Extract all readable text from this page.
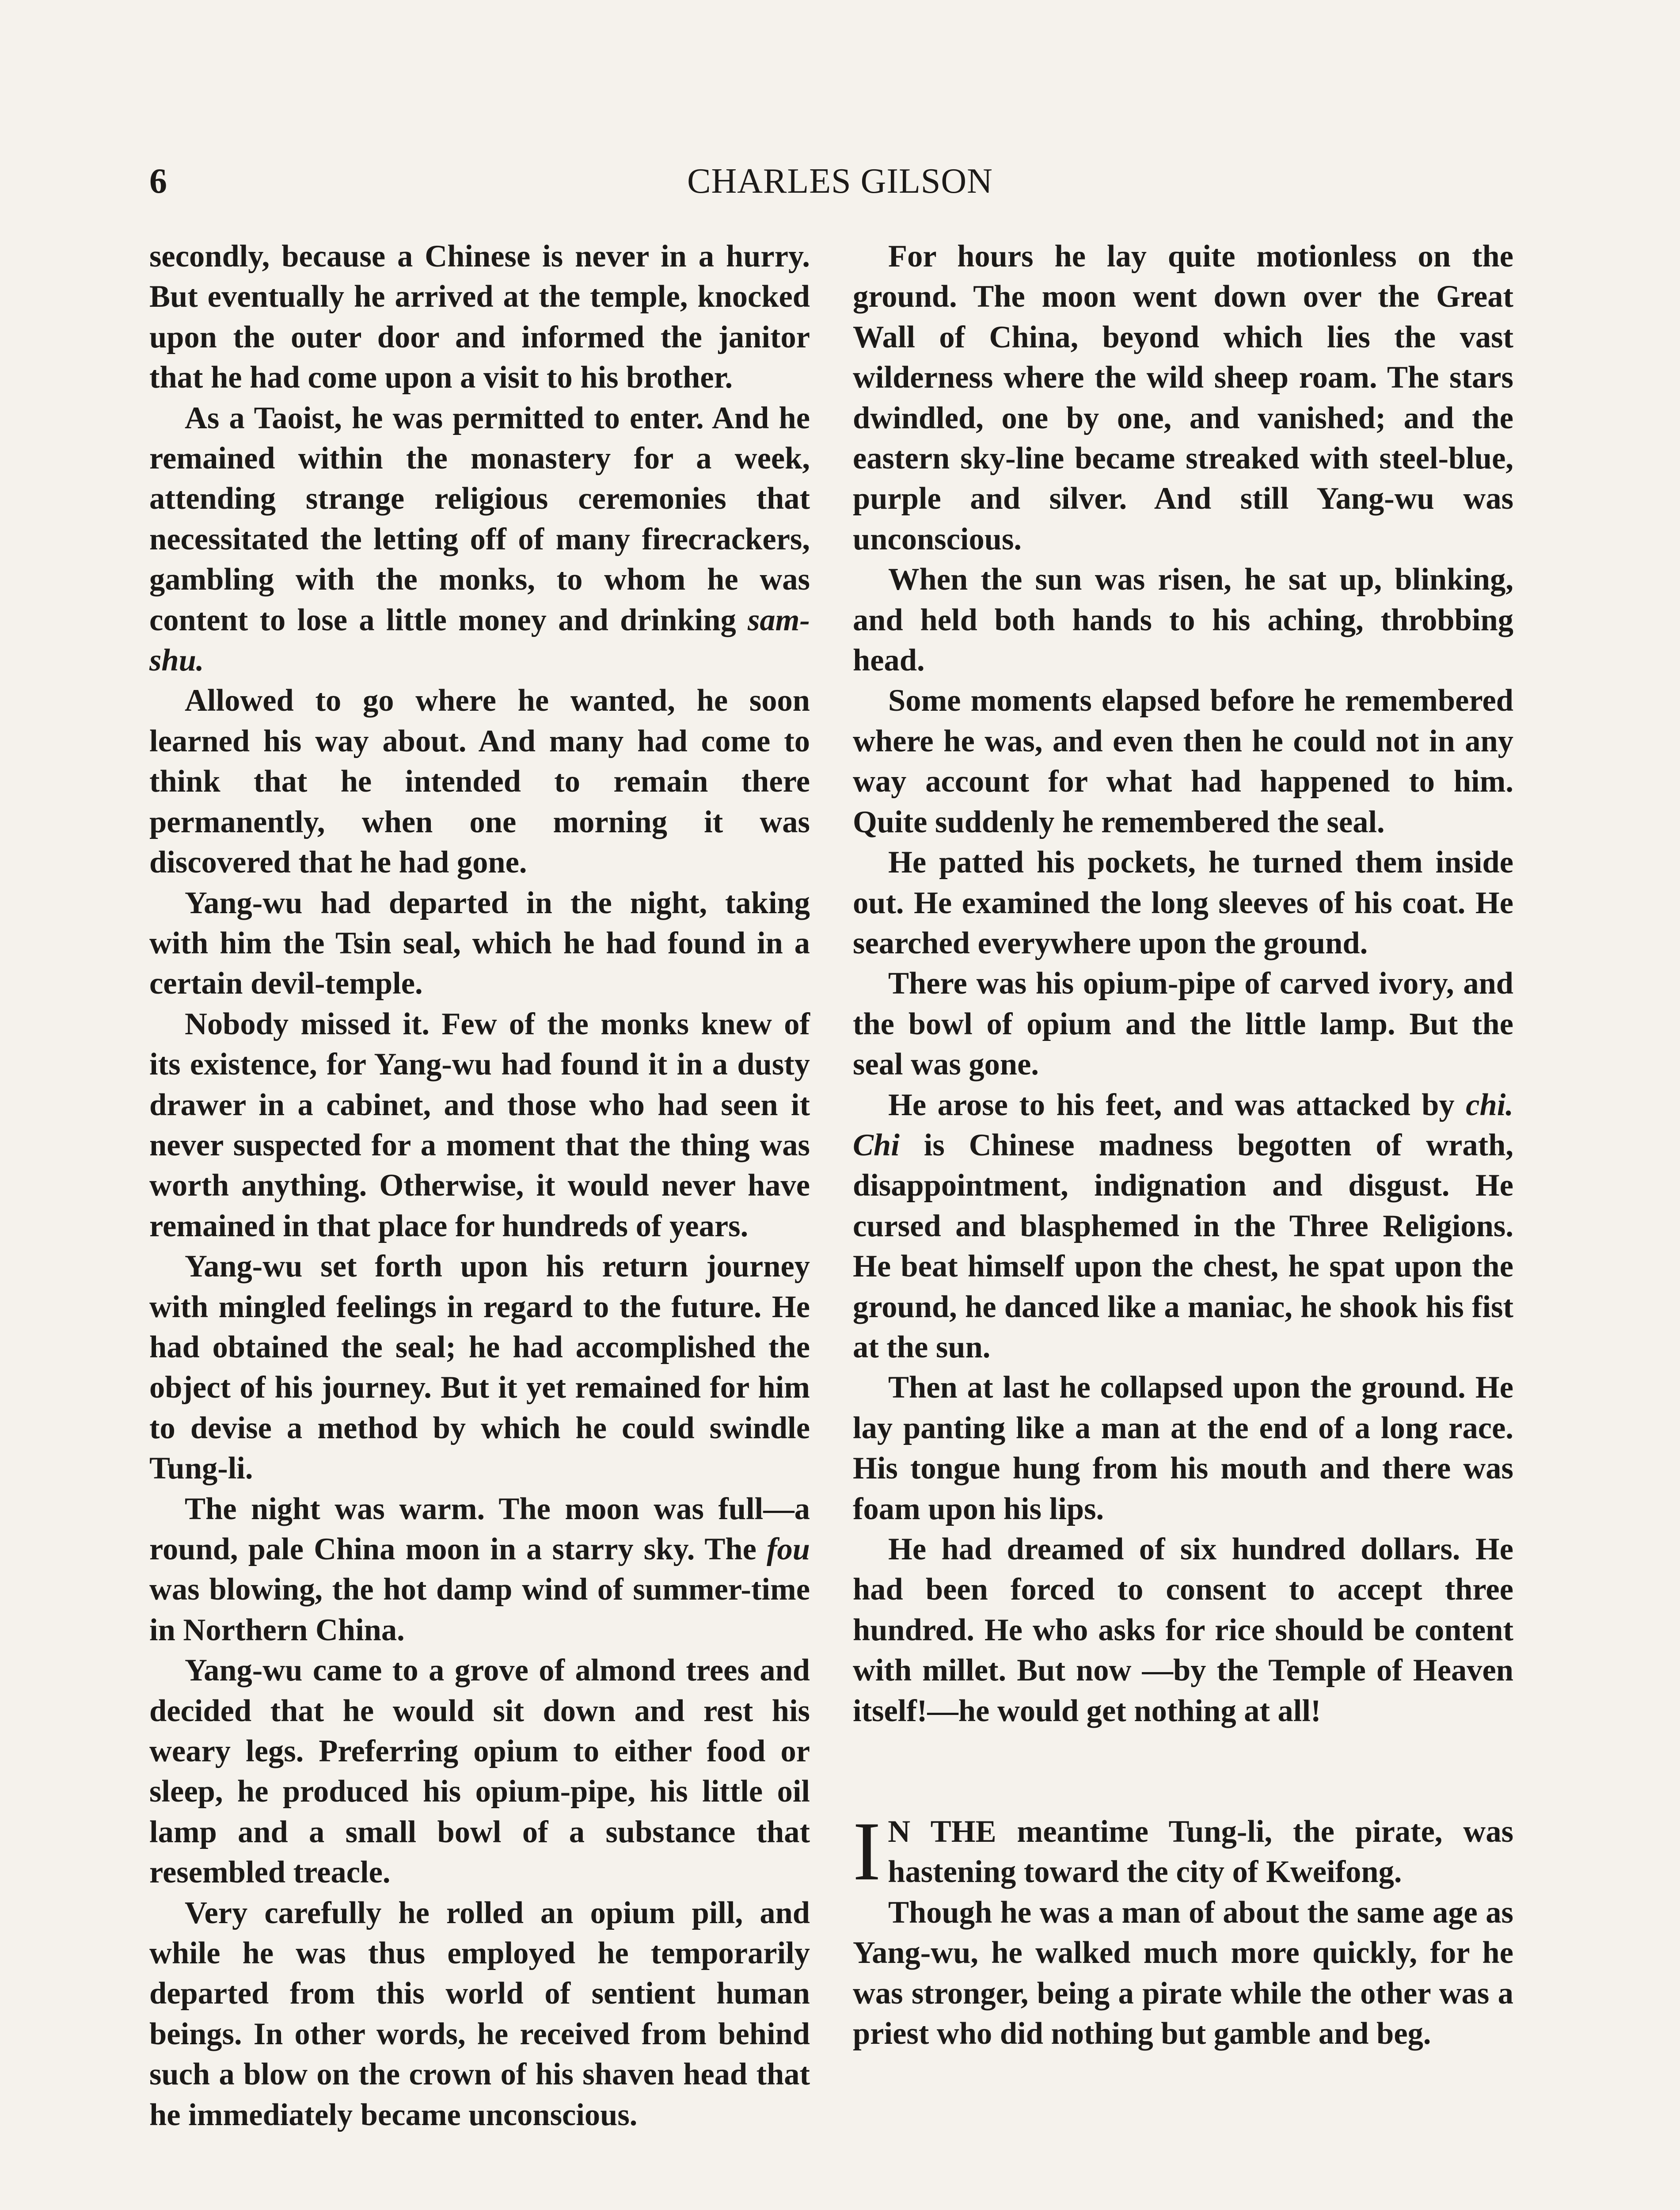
6	CHARLES GILSON

secondly, because a Chinese is never in a hurry. But eventually he arrived at the temple, knocked upon the outer door and informed the janitor that he had come upon a visit to his brother.

As a Taoist, he was permitted to enter. And he remained within the monastery for a week, attending strange religious ceremonies that necessitated the letting off of many firecrackers, gambling with the monks, to whom he was content to lose a little money and drinking sam-shu.

Allowed to go where he wanted, he soon learned his way about. And many had come to think that he intended to remain there permanently, when one morning it was discovered that he had gone.

Yang-wu had departed in the night, taking with him the Tsin seal, which he had found in a certain devil-temple.

Nobody missed it. Few of the monks knew of its existence, for Yang-wu had found it in a dusty drawer in a cabinet, and those who had seen it never suspected for a moment that the thing was worth anything. Otherwise, it would never have remained in that place for hundreds of years.

Yang-wu set forth upon his return journey with mingled feelings in regard to the future. He had obtained the seal; he had accomplished the object of his journey. But it yet remained for him to devise a method by which he could swindle Tung-li.

The night was warm. The moon was full—a round, pale China moon in a starry sky. The fou was blowing, the hot damp wind of summer-time in Northern China.

Yang-wu came to a grove of almond trees and decided that he would sit down and rest his weary legs. Preferring opium to either food or sleep, he produced his opium-pipe, his little oil lamp and a small bowl of a substance that resembled treacle.

Very carefully he rolled an opium pill, and while he was thus employed he temporarily departed from this world of sentient human beings. In other words, he received from behind such a blow on the crown of his shaven head that he immediately became unconscious.

For hours he lay quite motionless on the ground. The moon went down over the Great Wall of China, beyond which lies the vast wilderness where the wild sheep roam. The stars dwindled, one by one, and vanished; and the eastern sky-line became streaked with steel-blue, purple and silver. And still Yang-wu was unconscious.

When the sun was risen, he sat up, blinking, and held both hands to his aching, throbbing head.

Some moments elapsed before he remembered where he was, and even then he could not in any way account for what had happened to him. Quite suddenly he remembered the seal.

He patted his pockets, he turned them inside out. He examined the long sleeves of his coat. He searched everywhere upon the ground.

There was his opium-pipe of carved ivory, and the bowl of opium and the little lamp. But the seal was gone.

He arose to his feet, and was attacked by chi. Chi is Chinese madness begotten of wrath, disappointment, indignation and disgust. He cursed and blasphemed in the Three Religions. He beat himself upon the chest, he spat upon the ground, he danced like a maniac, he shook his fist at the sun.

Then at last he collapsed upon the ground. He lay panting like a man at the end of a long race. His tongue hung from his mouth and there was foam upon his lips.

He had dreamed of six hundred dollars. He had been forced to consent to accept three hundred. He who asks for rice should be content with millet. But now —by the Temple of Heaven itself!—he would get nothing at all!

I N THE meantime Tung-li, the pirate, was hastening toward the city of Kweifong.

Though he was a man of about the same age as Yang-wu, he walked much more quickly, for he was stronger, being a pirate while the other was a priest who did nothing but gamble and beg.
